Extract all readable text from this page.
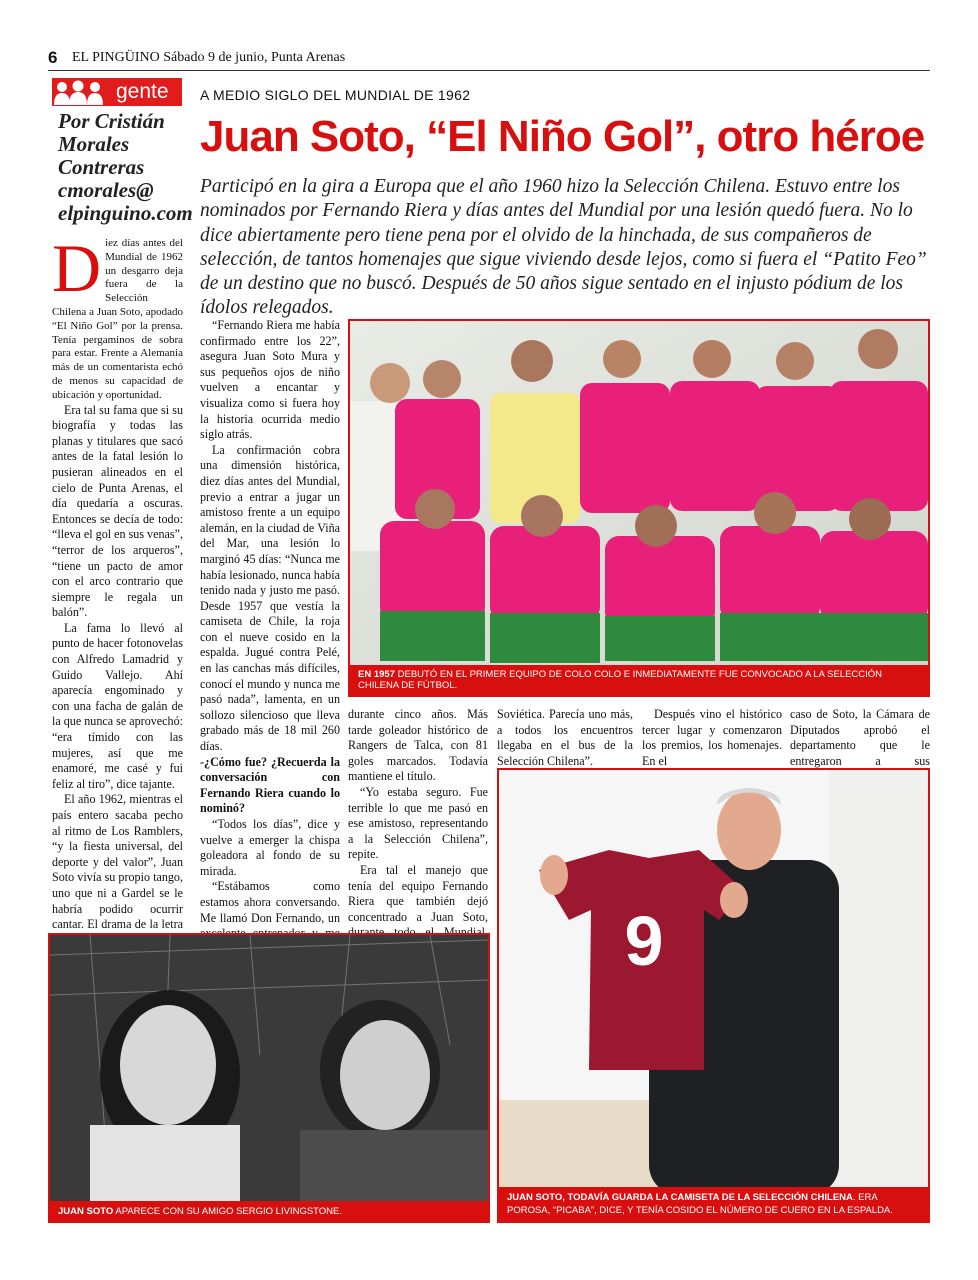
6 EL PINGÜINO Sábado 9 de junio, Punta Arenas
gente
Por Cristián
Morales
Contreras
cmorales@
elpinguino.com
A MEDIO SIGLO DEL MUNDIAL DE 1962
Juan Soto, “El Niño Gol”, otro héroe
Participó en la gira a Europa que el año 1960 hizo la Selección Chilena. Estuvo entre los nominados por Fernando Riera y días antes del Mundial por una lesión quedó fuera. No lo dice abiertamente pero tiene pena por el olvido de la hinchada, de sus compañeros de selección, de tantos homenajes que sigue viviendo desde lejos, como si fuera el “Patito Feo” de un destino que no buscó. Después de 50 años sigue sentado en el injusto pódium de los ídolos relegados.
D iez días antes del Mundial de 1962 un desgarro deja fuera de la Selección Chilena a Juan Soto, apodado “El Niño Gol” por la prensa. Tenía pergaminos de sobra para estar. Frente a Alemania más de un comentarista echó de menos su capacidad de ubicación y oportunidad.

Era tal su fama que si su biografía y todas las planas y titulares que sacó antes de la fatal lesión lo pusieran alineados en el cielo de Punta Arenas, el día quedaría a oscuras. Entonces se decía de todo: “lleva el gol en sus venas”, “terror de los arqueros”, “tiene un pacto de amor con el arco contrario que siempre le regala un balón”.

La fama lo llevó al punto de hacer fotonovelas con Alfredo Lamadrid y Guido Vallejo. Ahí aparecía engominado y con una facha de galán de la que nunca se aprovechó: “era tímido con las mujeres, así que me enamoré, me casé y fui feliz al tiro”, dice tajante.

El año 1962, mientras el país entero sacaba pecho al ritmo de Los Ramblers, “y la fiesta universal, del deporte y del valor”, Juan Soto vivía su propio tango, uno que ni a Gardel se le habría podido ocurrir cantar. El drama de la letra

“Fernando Riera me había confirmado entre los 22”, asegura Juan Soto Mura y sus pequeños ojos de niño vuelven a encantar y visualiza como si fuera hoy la historia ocurrida medio siglo atrás.

La confirmación cobra una dimensión histórica, diez días antes del Mundial, previo a entrar a jugar un amistoso frente a un equipo alemán, en la ciudad de Viña del Mar, una lesión lo marginó 45 días: “Nunca me había lesionado, nunca había tenido nada y justo me pasó. Desde 1957 que vestía la camiseta de Chile, la roja con el nueve cosido en la espalda. Jugué contra Pelé, en las canchas más difíciles, conocí el mundo y nunca me pasó nada”, lamenta, en un sollozo silencioso que lleva grabado más de 18 mil 260 días.

-¿Cómo fue? ¿Recuerda la conversación con Fernando Riera cuando lo nominó?

“Todos los días”, dice y vuelve a emerger la chispa goleadora al fondo de su mirada.

“Estábamos como estamos ahora conversando. Me llamó Don Fernando, un

durante cinco años. Más tarde goleador histórico de Rangers de Talca, con 81 goles marcados. Todavía mantiene el título.

“Yo estaba seguro. Fue terrible lo que me pasó en ese amistoso, representando a la Selección Chilena”, repite.

Era tal el manejo que tenía del equipo Fernando Riera que también dejó concentrado a Juan Soto,

Soviética. Parecía uno más, a todos los encuentros llegaba en el bus de la Selección Chilena”.

Después vino el histórico tercer lugar y comenzaron los premios, los homenajes. En el

caso de Soto, la Cámara de Diputados aprobó el departamento que le entregaron a sus

EN 1957 DEBUTÓ EN EL PRIMER EQUIPO DE COLO COLO E INMEDIATAMENTE FUE CONVOCADO A LA SELECCIÓN CHILENA DE FÚTBOL.
JUAN SOTO APARECE CON SU AMIGO SERGIO LIVINGSTONE.
9
JUAN SOTO, TODAVÍA GUARDA LA CAMISETA DE LA SELECCIÓN CHILENA. ERA POROSA, “PICABA”, DICE, Y TENÍA COSIDO EL NÚMERO DE CUERO EN LA ESPALDA.
